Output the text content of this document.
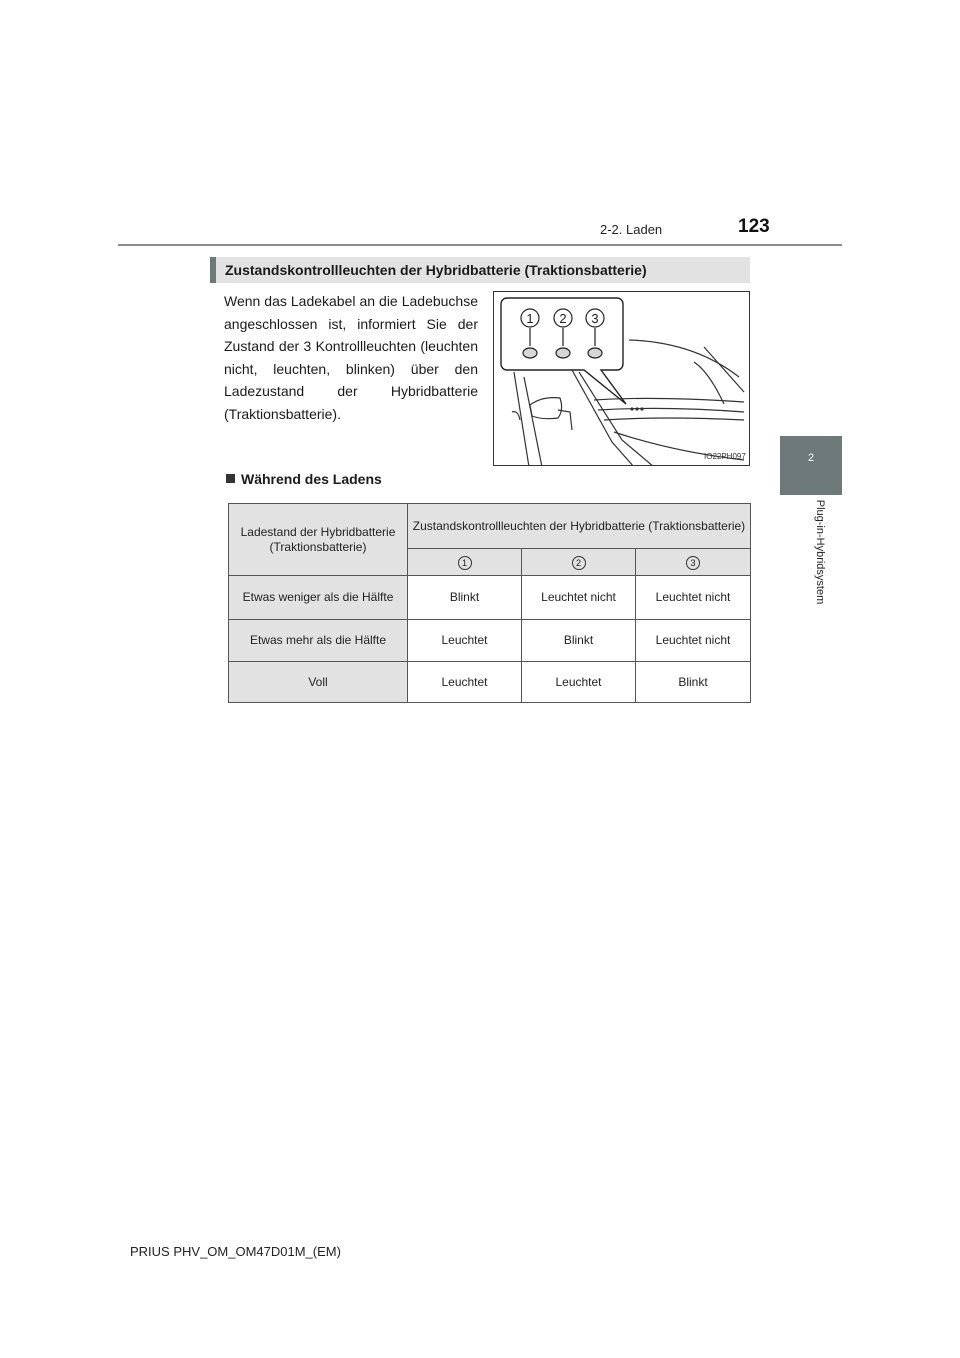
2-2. Laden	123
2
Plug-in-Hybridsystem
Zustandskontrollleuchten der Hybridbatterie (Traktionsbatterie)
Wenn das Ladekabel an die Ladebuchse angeschlossen ist, informiert Sie der Zustand der 3 Kontrollleuchten (leuchten nicht, leuchten, blinken) über den Ladezustand der Hybridbatterie (Traktionsbatterie).
1 2 3
IO22PH097
Während des Ladens
Ladestand der Hybridbatterie (Traktionsbatterie)	Zustandskontrollleuchten der Hybridbatterie (Traktionsbatterie)		
	1	2	3
Etwas weniger als die Hälfte	Blinkt	Leuchtet nicht	Leuchtet nicht
Etwas mehr als die Hälfte	Leuchtet	Blinkt	Leuchtet nicht
Voll	Leuchtet	Leuchtet	Blinkt
PRIUS PHV_OM_OM47D01M_(EM)
